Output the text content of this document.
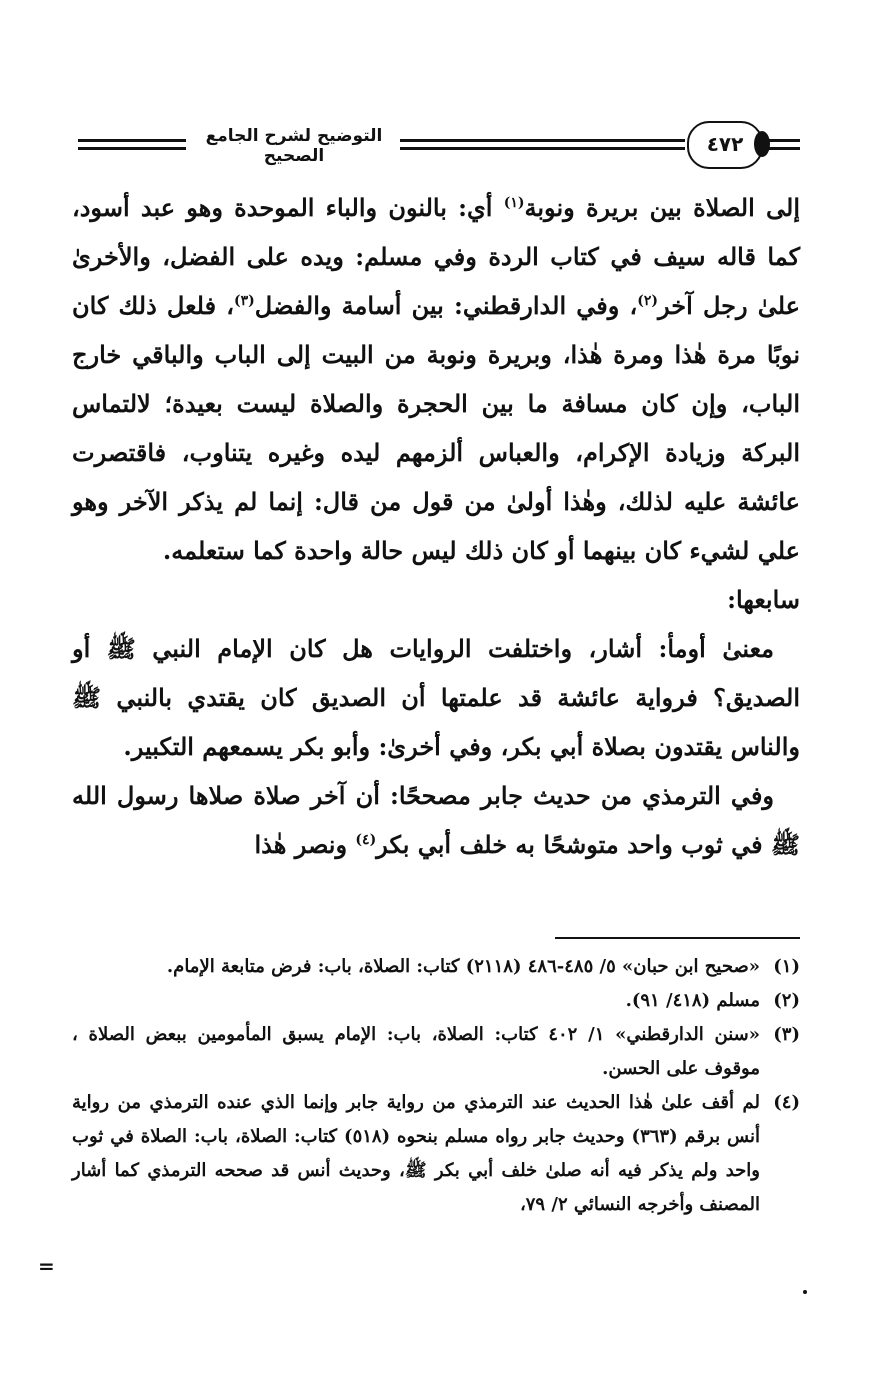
التوضيح لشرح الجامع الصحيح	٤٧٢

إلى الصلاة بين بريرة ونوبة$^{(١)}$ أي: بالنون والباء الموحدة وهو عبد أسود، كما قاله سيف في كتاب الردة وفي مسلم: ويده على الفضل، والأخرىٰ علىٰ رجل آخر$^{(٢)}$، وفي الدارقطني: بين أسامة والفضل$^{(٣)}$، فلعل ذلك كان نوبًا مرة هٰذا ومرة هٰذا، وبريرة ونوبة من البيت إلى الباب والباقي خارج الباب، وإن كان مسافة ما بين الحجرة والصلاة ليست بعيدة؛ لالتماس البركة وزيادة الإكرام، والعباس ألزمهم ليده وغيره يتناوب، فاقتصرت عائشة عليه لذلك، وهٰذا أولىٰ من قول من قال: إنما لم يذكر الآخر وهو علي لشيء كان بينهما أو كان ذلك ليس حالة واحدة كما ستعلمه.

سابعها:

معنىٰ أومأ: أشار، واختلفت الروايات هل كان الإمام النبي ﷺ أو الصديق؟ فرواية عائشة قد علمتها أن الصديق كان يقتدي بالنبي ﷺ والناس يقتدون بصلاة أبي بكر، وفي أخرىٰ: وأبو بكر يسمعهم التكبير.

وفي الترمذي من حديث جابر مصححًا: أن آخر صلاة صلاها رسول الله ﷺ في ثوب واحد متوشحًا به خلف أبي بكر$^{(٤)}$ ونصر هٰذا

(١)
«صحيح ابن حبان» ٥/ ٤٨٥-٤٨٦ (٢١١٨) كتاب: الصلاة، باب: فرض متابعة الإمام.
(٢)
مسلم (٤١٨/ ٩١).
(٣)
«سنن الدارقطني» ١/ ٤٠٢ كتاب: الصلاة، باب: الإمام يسبق المأمومين ببعض الصلاة ، موقوف على الحسن.
(٤)
لم أقف علىٰ هٰذا الحديث عند الترمذي من رواية جابر وإنما الذي عنده الترمذي من رواية أنس برقم (٣٦٣) وحديث جابر رواه مسلم بنحوه (٥١٨) كتاب: الصلاة، باب: الصلاة في ثوب واحد ولم يذكر فيه أنه صلىٰ خلف أبي بكر ﷺ، وحديث أنس قد صححه الترمذي كما أشار المصنف وأخرجه النسائي ٢/ ٧٩،
=
